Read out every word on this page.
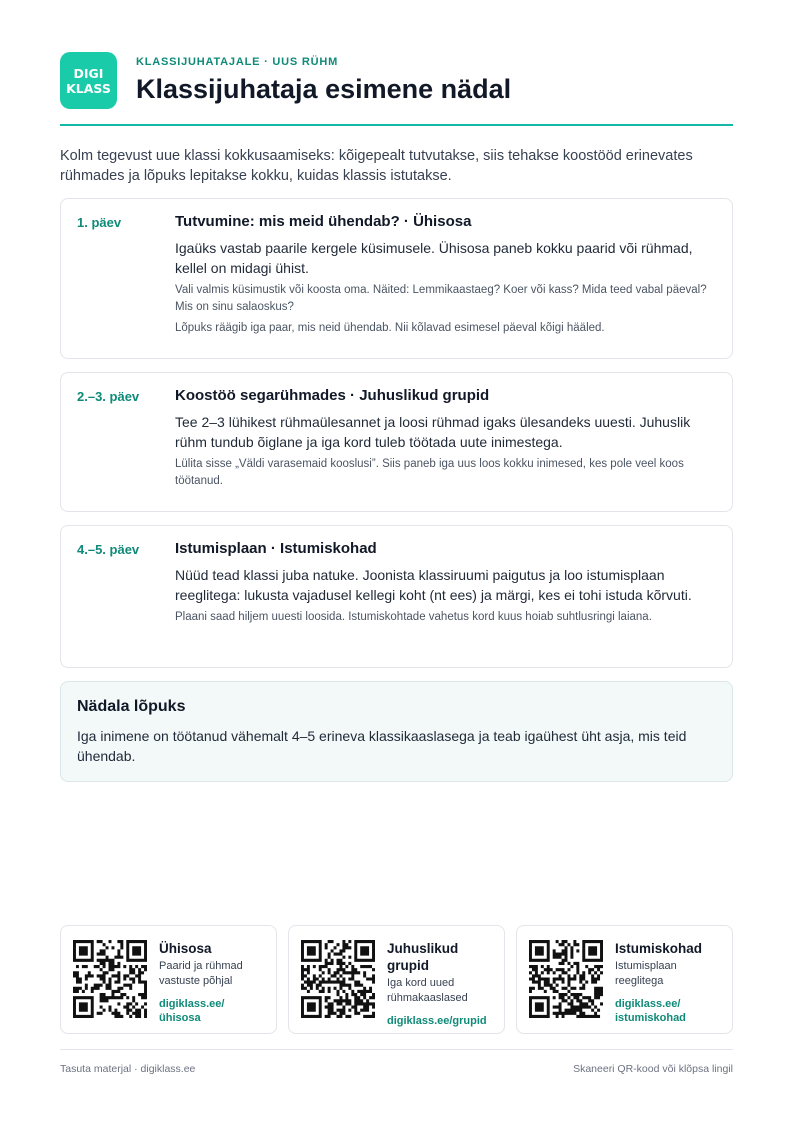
DIGI
KLASS
KLASSIJUHATAJALE · UUS RÜHM
Klassijuhataja esimene nädal

Kolm tegevust uue klassi kokkusaamiseks: kõigepealt tutvutakse, siis tehakse koostööd erinevates rühmades ja lõpuks lepitakse kokku, kuidas klassis istutakse.

1. päev	Tutvumine: mis meid ühendab? · Ühisosa

Igaüks vastab paarile kergele küsimusele. Ühisosa paneb kokku paarid või rühmad, kellel on midagi ühist.

Vali valmis küsimustik või koosta oma. Näited: Lemmikaastaeg? Koer või kass? Mida teed vabal päeval? Mis on sinu salaoskus?

Lõpuks räägib iga paar, mis neid ühendab. Nii kõlavad esimesel päeval kõigi hääled.

2.–3. päev Koostöö segarühmades · Juhuslikud grupid

Tee 2–3 lühikest rühmaülesannet ja loosi rühmad igaks ülesandeks uuesti. Juhuslik rühm tundub õiglane ja iga kord tuleb töötada uute inimestega.

Lülita sisse „Väldi varasemaid kooslusi”. Siis paneb iga uus loos kokku inimesed, kes pole veel koos töötanud.

4.–5. päev Istumisplaan · Istumiskohad

Nüüd tead klassi juba natuke. Joonista klassiruumi paigutus ja loo istumisplaan reeglitega: lukusta vajadusel kellegi koht (nt ees) ja märgi, kes ei tohi istuda kõrvuti.

Plaani saad hiljem uuesti loosida. Istumiskohtade vahetus kord kuus hoiab suhtlusringi laiana.

Nädala lõpuks

Iga inimene on töötanud vähemalt 4–5 erineva klassikaaslasega ja teab igaühest üht asja, mis teid ühendab.

Ühisosa
Paarid ja rühmad vastuste põhjal
digiklass.ee/ ühisosa
Juhuslikud grupid
Iga kord uued rühmakaaslased
digiklass.ee/grupid
Istumiskohad
Istumisplaan reeglitega
digiklass.ee/ istumiskohad
Tasuta materjal · digiklass.ee	Skaneeri QR-kood või klõpsa lingil
